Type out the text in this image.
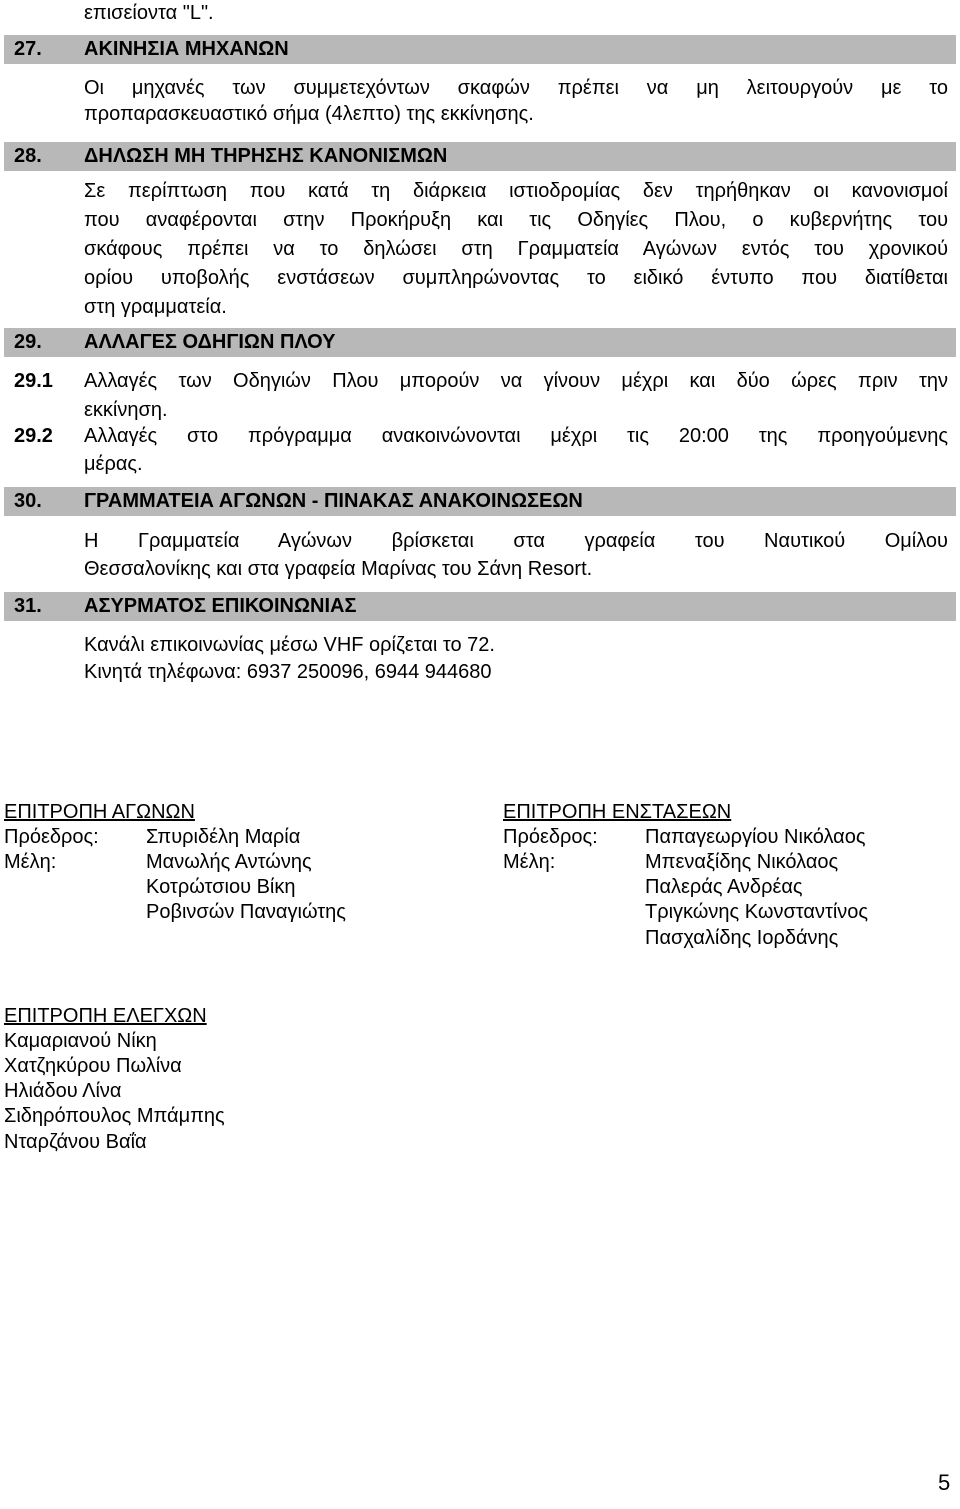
επισείοντα "L".
27. ΑΚΙΝΗΣΙΑ ΜΗΧΑΝΩΝ
Οι μηχανές των συμμετεχόντων σκαφών πρέπει να μη λειτουργούν με το
προπαρασκευαστικό σήμα (4λεπτο) της εκκίνησης.
28. ΔΗΛΩΣΗ ΜΗ ΤΗΡΗΣΗΣ ΚΑΝΟΝΙΣΜΩΝ
Σε περίπτωση που κατά τη διάρκεια ιστιοδρομίας δεν τηρήθηκαν οι κανονισμοί
που αναφέρονται στην Προκήρυξη και τις Οδηγίες Πλου, ο κυβερνήτης του
σκάφους πρέπει να το δηλώσει στη Γραμματεία Αγώνων εντός του χρονικού
ορίου υποβολής ενστάσεων συμπληρώνοντας το ειδικό έντυπο που διατίθεται
στη γραμματεία.
29. ΑΛΛΑΓΕΣ ΟΔΗΓΙΩΝ ΠΛΟΥ
29.1 Αλλαγές των Οδηγιών Πλου μπορούν να γίνουν μέχρι και δύο ώρες πριν την
εκκίνηση.
29.2 Αλλαγές στο πρόγραμμα ανακοινώνονται μέχρι τις 20:00 της προηγούμενης
μέρας.
30. ΓΡΑΜΜΑΤΕΙΑ ΑΓΩΝΩΝ - ΠΙΝΑΚΑΣ ΑΝΑΚΟΙΝΩΣΕΩΝ
Η Γραμματεία Αγώνων βρίσκεται στα γραφεία του Ναυτικού Ομίλου
Θεσσαλονίκης και στα γραφεία Μαρίνας του Σάνη Resort.
31. ΑΣΥΡΜΑΤΟΣ ΕΠΙΚΟΙΝΩΝΙΑΣ
Κανάλι επικοινωνίας μέσω VHF ορίζεται το 72.
Κινητά τηλέφωνα: 6937 250096, 6944 944680
ΕΠΙΤΡΟΠΗ ΑΓΩΝΩΝ
Πρόεδρος: Σπυριδέλη Μαρία
Μέλη:	Μανωλής Αντώνης
Κοτρώτσιου Βίκη
Ροβινσών Παναγιώτης
ΕΠΙΤΡΟΠΗ ΕΝΣΤΑΣΕΩΝ
Πρόεδρος: Παπαγεωργίου Νικόλαος
Μέλη:	Μπεναξίδης Νικόλαος
Παλεράς Ανδρέας
Τριγκώνης Κωνσταντίνος
Πασχαλίδης Ιορδάνης
ΕΠΙΤΡΟΠΗ ΕΛΕΓΧΩΝ
Καμαριανού Νίκη
Χατζηκύρου Πωλίνα
Ηλιάδου Λίνα
Σιδηρόπουλος Μπάμπης
Νταρζάνου Βαΐα
5
